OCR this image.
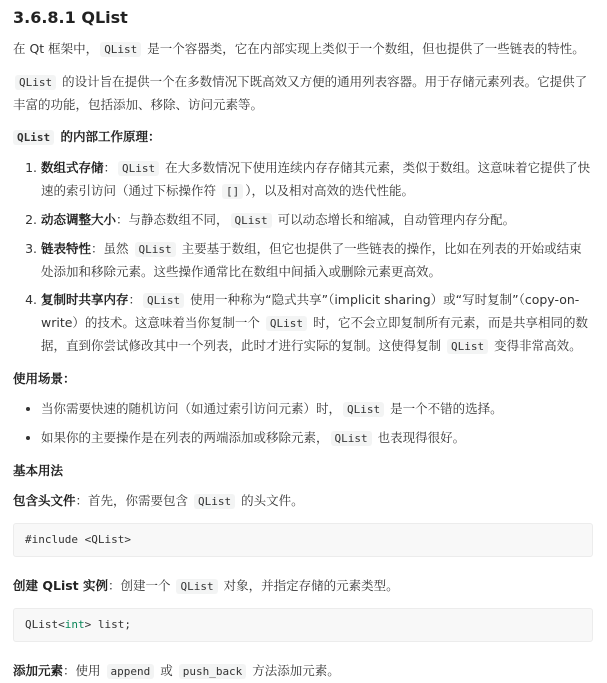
3.6.8.1 QList

在 Qt 框架中， QList 是一个容器类，它在内部实现上类似于一个数组，但也提供了一些链表的特性。

QList 的设计旨在提供一个在多数情况下既高效又方便的通用列表容器。用于存储元素列表。它提供了丰富的功能，包括添加、移除、访问元素等。

QList 的内部工作原理：

1. 数组式存储： QList 在大多数情况下使用连续内存存储其元素，类似于数组。这意味着它提供了快速的索引访问（通过下标操作符 [] ），以及相对高效的迭代性能。
2. 动态调整大小：与静态数组不同， QList 可以动态增长和缩减，自动管理内存分配。
3. 链表特性：虽然 QList 主要基于数组，但它也提供了一些链表的操作，比如在列表的开始或结束处添加和移除元素。这些操作通常比在数组中间插入或删除元素更高效。
4. 复制时共享内存： QList 使用一种称为“隐式共享”（implicit sharing）或“写时复制”（copy-on-write）的技术。这意味着当你复制一个 QList 时，它不会立即复制所有元素，而是共享相同的数据，直到你尝试修改其中一个列表，此时才进行实际的复制。这使得复制 QList 变得非常高效。

使用场景：

• 当你需要快速的随机访问（如通过索引访问元素）时， QList 是一个不错的选择。
• 如果你的主要操作是在列表的两端添加或移除元素， QList 也表现得很好。

基本用法

包含头文件：首先，你需要包含 QList 的头文件。

#include <QList>

创建 QList 实例：创建一个 QList 对象，并指定存储的元素类型。

QList<int> list;

添加元素：使用 append 或 push_back 方法添加元素。
